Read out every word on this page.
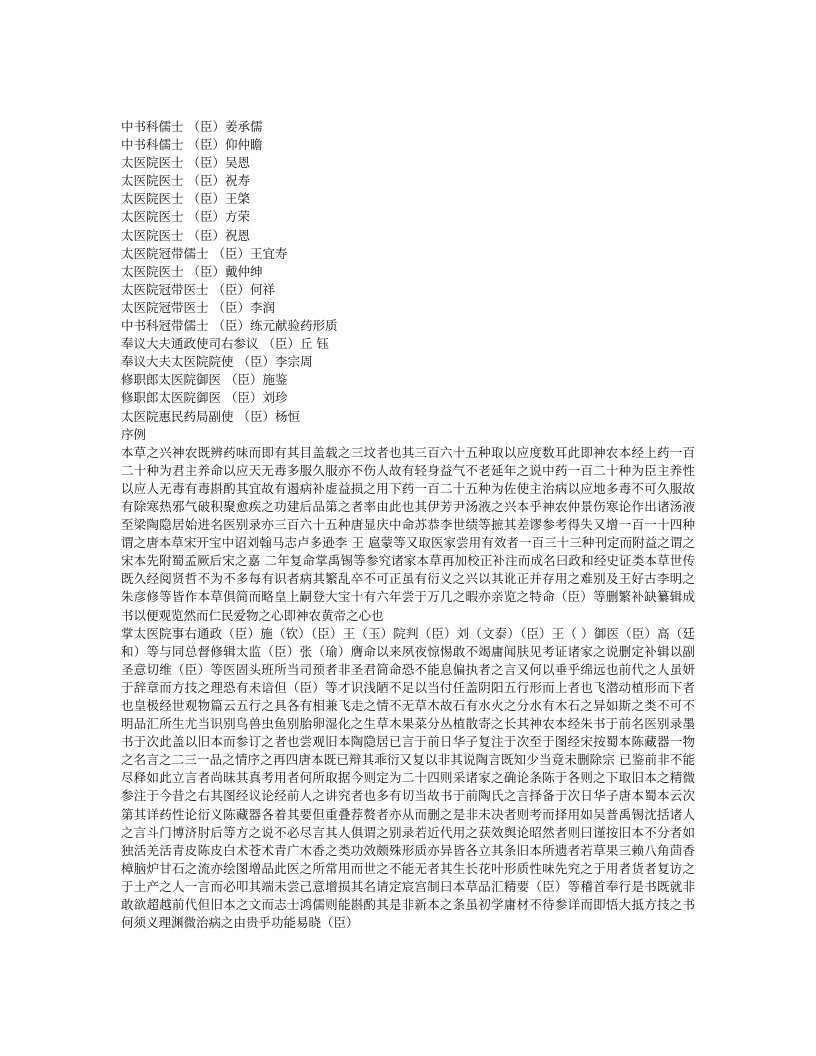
中书科儒士 （臣）姜承儒
中书科儒士 （臣）仰仲瞻
太医院医士 （臣）吴恩
太医院医士 （臣）祝寿
太医院医士 （臣）王棨
太医院医士 （臣）方荣
太医院医士 （臣）祝恩
太医院冠带儒士 （臣）王宜寿
太医院医士 （臣）戴仲绅
太医院冠带医士 （臣）何祥
太医院冠带医士 （臣）李润
中书科冠带儒士 （臣）练元献验药形质
奉议大夫通政使司右参议 （臣）丘 钰
奉议大夫太医院院使 （臣）李宗周
修职郎太医院御医 （臣）施鉴
修职郎太医院御医 （臣）刘珍
太医院惠民药局副使 （臣）杨恒
序例
本草之兴神农既辨药味而即有其目盖载之三坟者也其三百六十五种取以应度数耳此即神农本经上药一百二十种为君主养命以应天无毒多服久服亦不伤人故有轻身益气不老延年之说中药一百二十种为臣主养性以应人无毒有毒斟酌其宜故有遏病补虚益损之用下药一百二十五种为佐使主治病以应地多毒不可久服故有除寒热邪气破积聚愈疾之功建后品第之者率由此也其伊芳尹汤液之兴本乎神农仲景伤寒论作出诸汤液至梁陶隐居始进名医别录亦三百六十五种唐显庆中命苏恭李世绩等摭其差谬参考得失又增一百一十四种谓之唐本草宋开宝中诏刘翰马志卢多逊李 王 扈蒙等又取医家尝用有效者一百三十三种刊定而附益之谓之宋本先附蜀孟厥后宋之嘉 二年复命掌禹锡等参究诸家本草再加校正补注而成名曰政和经史证类本草世传既久经阅贤哲不为不多每有识者病其繁乱卒不可正虽有衍义之兴以其讹正并存用之难别及王好古李明之朱彦修等皆作本草俱简而略皇上嗣登大宝十有六年尝于万几之暇亦亲览之特命（臣）等删繁补缺纂辑成书以便观览然而仁民爱物之心即神农黄帝之心也
掌太医院事右通政（臣）施（钦）（臣）王（玉）院判（臣）刘（文泰）（臣）王（ ）御医（臣）高（廷和）等与同总督修辑太监（臣）张（瑜）膺命以来夙夜惊惕敢不竭庸闻肤见考证诸家之说删定补辑以副圣意切维（臣）等医固头班所当司预者非圣君简命恐不能息偏执者之言又何以垂乎绵远也前代之人虽妍于辞章而方技之理恐有未谙但（臣）等才识浅陋不足以当付任盖阴阳五行形而上者也飞潜动植形而下者也皇极经世观物篇云五行之具各有相兼飞走之情不无草木故石有水火之分水有木石之异如斯之类不可不明品汇所生尤当识别鸟兽虫鱼别胎卵湿化之生草木果菜分丛植散寄之长其神农本经朱书于前名医别录墨书于次此盖以旧本而参订之者也尝观旧本陶隐居已言于前日华子复注于次至于图经宋按蜀本陈藏器一物之名言之二三一品之情序之再四唐本既已辩其乖衍又复以非其说陶言既知少当竟未删除宗 已鉴前非不能尽释如此立言者尚昧其真考用者何所取据今则定为二十四则采诸家之确论条陈于各则之下取旧本之精微参注于今昔之右其图经议论经前人之讲究者也多有切当故书于前陶氏之言择备于次日华子唐本蜀本云次第其详药性论衍义陈藏器各着其要但重叠荐赘者亦从而删之是非未决者则考而择用如吴普禹锡沈括诸人之言斗门博济肘后等方之说不必尽言其人俱谓之别录若近代用之获效舆论昭然者则曰谨按旧本不分者如独活羌活青皮陈皮白术苍术青广木香之类功效颇殊形质亦异皆各立其条旧本所遗者若草果三赖八角茴香樟脑炉甘石之流亦绘图增品此医之所常用而世之不能无者其生长花叶形质性味先究之于用者货者复访之于土产之人一言而必叩其端未尝己意增损其名请定宸宫制曰本草品汇精要（臣）等稽首奉行是书既就非敢欲超越前代但旧本之文而志士鸿儒则能斟酌其是非新本之条虽初学庸材不待参详而即悟大抵方技之书何须义理渊微治病之由贵乎功能易晓（臣）
